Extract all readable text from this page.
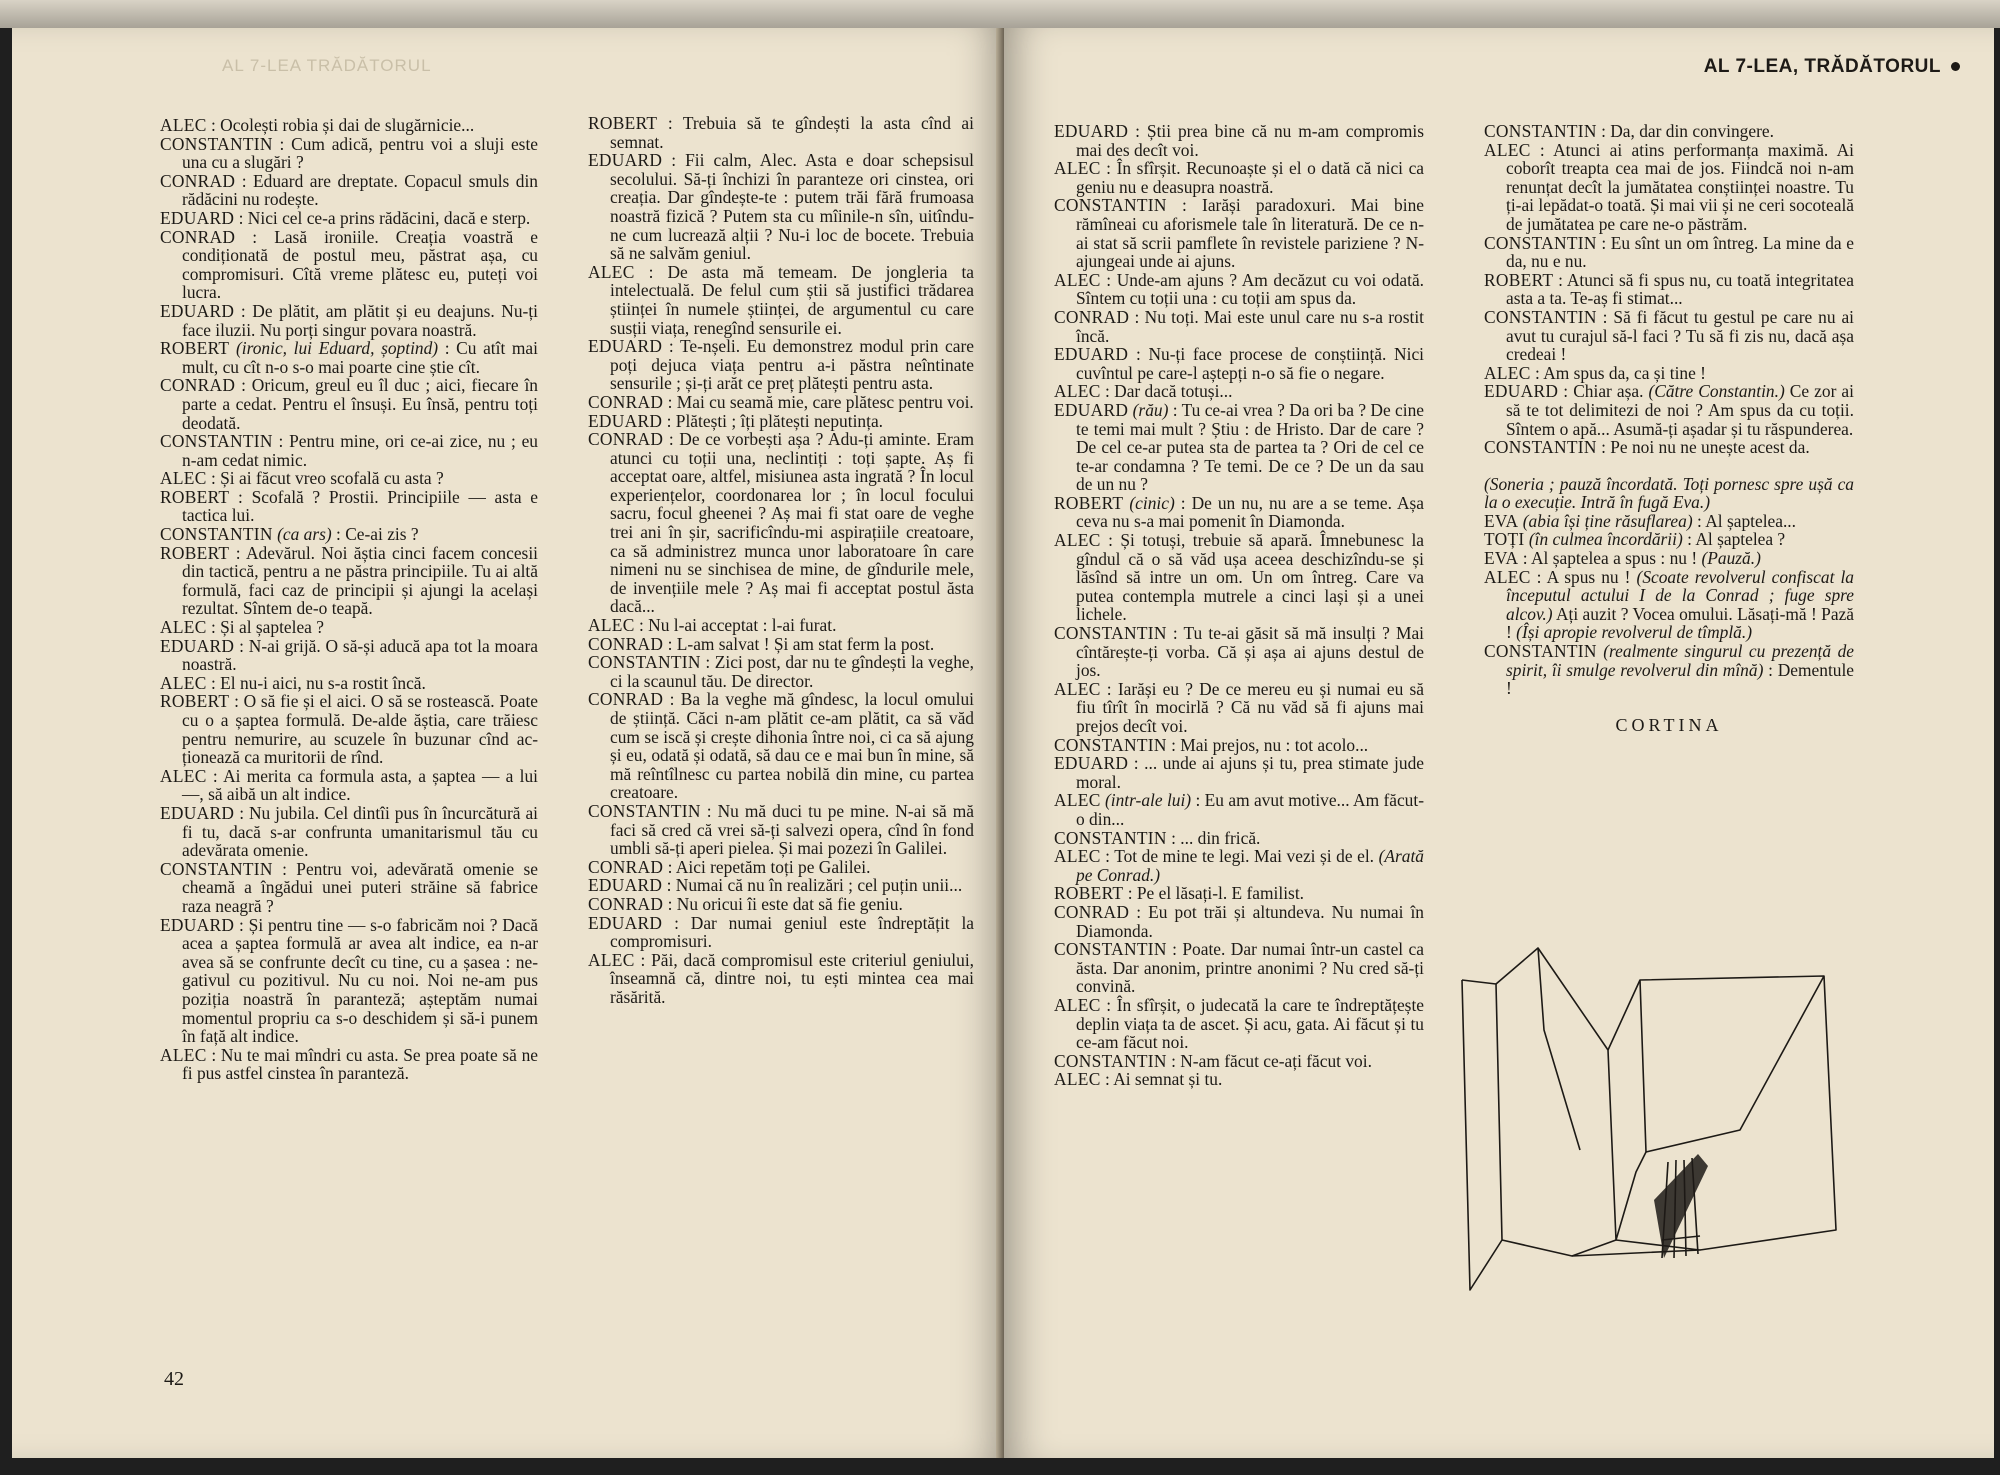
AL 7-LEA TRĂDĂTORUL

ALEC : Ocolești robia și dai de slugărnicie...

CONSTANTIN : Cum adică, pentru voi a sluji este una cu a slugări ?

CONRAD : Eduard are dreptate. Copacul smuls din rădăcini nu rodește.

EDUARD : Nici cel ce-a prins rădăcini, dacă e sterp.

CONRAD : Lasă ironiile. Creația voastră e condiționată de postul meu, păstrat așa, cu compromisuri. Cîtă vreme plătesc eu, puteți voi lucra.

EDUARD : De plătit, am plătit și eu deajuns. Nu-ți face iluzii. Nu porți singur povara noastră.

ROBERT (ironic, lui Eduard, șoptind) : Cu atît mai mult, cu cît n-o s-o mai poarte cine știe cît.

CONRAD : Oricum, greul eu îl duc ; aici, fiecare în parte a cedat. Pentru el însuși. Eu însă, pentru toți deodată.

CONSTANTIN : Pentru mine, ori ce-ai zice, nu ; eu n-am cedat nimic.

ALEC : Și ai făcut vreo scofală cu asta ?

ROBERT : Scofală ? Prostii. Principiile — asta e tactica lui.

CONSTANTIN (ca ars) : Ce-ai zis ?

ROBERT : Adevărul. Noi ăștia cinci facem concesii din tactică, pentru a ne păstra principiile. Tu ai altă formulă, faci caz de principii și ajungi la același rezultat. Sîntem de-o teapă.

ALEC : Și al șaptelea ?

EDUARD : N-ai grijă. O să-și aducă apa tot la moara noastră.

ALEC : El nu-i aici, nu s-a rostit încă.

ROBERT : O să fie și el aici. O să se rostească. Poate cu o a șaptea formulă. De-alde ăștia, care trăiesc pentru nemurire, au scuzele în buzunar cînd acționează ca muritorii de rînd.

ALEC : Ai merita ca formula asta, a șaptea — a lui —, să aibă un alt indice.

EDUARD : Nu jubila. Cel dintîi pus în încurcătură ai fi tu, dacă s-ar confrunta umanitarismul tău cu adevărata omenie.

CONSTANTIN : Pentru voi, adevărată omenie se cheamă a îngădui unei puteri străine să fabrice raza neagră ?

EDUARD : Și pentru tine — s-o fabricăm noi ? Dacă acea a șaptea formulă ar avea alt indice, ea n-ar avea să se confrunte decît cu tine, cu a șasea : negativul cu pozitivul. Nu cu noi. Noi ne-am pus poziția noastră în paranteză; așteptăm numai momentul propriu ca s-o deschidem și să-i punem în față alt indice.

ALEC : Nu te mai mîndri cu asta. Se prea poate să ne fi pus astfel cinstea în paranteză.

ROBERT : Trebuia să te gîndești la asta cînd ai semnat.

EDUARD : Fii calm, Alec. Asta e doar schepsisul secolului. Să-ți închizi în paranteze ori cinstea, ori creația. Dar gîndește-te : putem trăi fără frumoasa noastră fizică ? Putem sta cu mîinile-n sîn, uitîndu-ne cum lucrează alții ? Nu-i loc de bocete. Trebuia să ne salvăm geniul.

ALEC : De asta mă temeam. De jongleria ta intelectuală. De felul cum știi să justifici trădarea științei în numele științei, de argumentul cu care susții viața, renegînd sensurile ei.

EDUARD : Te-nșeli. Eu demonstrez modul prin care poți dejuca viața pentru a-i păstra neîntinate sensurile ; și-ți arăt ce preț plătești pentru asta.

CONRAD : Mai cu seamă mie, care plătesc pentru voi.

EDUARD : Plătești ; îți plătești neputința.

CONRAD : De ce vorbești așa ? Adu-ți aminte. Eram atunci cu toții una, neclintiți : toți șapte. Aș fi acceptat oare, altfel, misiunea asta ingrată ? În locul experiențelor, coordonarea lor ; în locul focului sacru, focul gheenei ? Aș mai fi stat oare de veghe trei ani în șir, sacrificîndu-mi aspirațiile creatoare, ca să administrez munca unor laboratoare în care nimeni nu se sinchisea de mine, de gîndurile mele, de invențiile mele ? Aș mai fi acceptat postul ăsta dacă...

ALEC : Nu l-ai acceptat : l-ai furat.

CONRAD : L-am salvat ! Și am stat ferm la post.

CONSTANTIN : Zici post, dar nu te gîndești la veghe, ci la scaunul tău. De director.

CONRAD : Ba la veghe mă gîndesc, la locul omului de știință. Căci n-am plătit ce-am plătit, ca să văd cum se iscă și crește dihonia între noi, ci ca să ajung și eu, odată și odată, să dau ce e mai bun în mine, să mă reîntîlnesc cu partea nobilă din mine, cu partea creatoare.

CONSTANTIN : Nu mă duci tu pe mine. N-ai să mă faci să cred că vrei să-ți salvezi opera, cînd în fond umbli să-ți aperi pielea. Și mai pozezi în Galilei.

CONRAD : Aici repetăm toți pe Galilei.

EDUARD : Numai că nu în realizări ; cel puțin unii...

CONRAD : Nu oricui îi este dat să fie geniu.

EDUARD : Dar numai geniul este îndreptățit la compromisuri.

ALEC : Păi, dacă compromisul este criteriul geniului, înseamnă că, dintre noi, tu ești mintea cea mai răsărită.

42
AL 7-LEA, TRĂDĂTORUL

EDUARD : Știi prea bine că nu m-am compromis mai des decît voi.

ALEC : În sfîrșit. Recunoaște și el o dată că nici ca geniu nu e deasupra noastră.

CONSTANTIN : Iarăși paradoxuri. Mai bine rămîneai cu aforismele tale în literatură. De ce n-ai stat să scrii pamflete în revistele pariziene ? N-ajungeai unde ai ajuns.

ALEC : Unde-am ajuns ? Am decăzut cu voi odată. Sîntem cu toții una : cu toții am spus da.

CONRAD : Nu toți. Mai este unul care nu s-a rostit încă.

EDUARD : Nu-ți face procese de conștiință. Nici cuvîntul pe care-l aștepți n-o să fie o negare.

ALEC : Dar dacă totuși...

EDUARD (rău) : Tu ce-ai vrea ? Da ori ba ? De cine te temi mai mult ? Știu : de Hristo. Dar de care ? De cel ce-ar putea sta de partea ta ? Ori de cel ce te-ar condamna ? Te temi. De ce ? De un da sau de un nu ?

ROBERT (cinic) : De un nu, nu are a se teme. Așa ceva nu s-a mai pomenit în Diamonda.

ALEC : Și totuși, trebuie să apară. Îmnebunesc la gîndul că o să văd ușa aceea deschizîndu-se și lăsînd să intre un om. Un om întreg. Care va putea contempla mutrele a cinci lași și a unei lichele.

CONSTANTIN : Tu te-ai găsit să mă insulți ? Mai cîntărește-ți vorba. Că și așa ai ajuns destul de jos.

ALEC : Iarăși eu ? De ce mereu eu și numai eu să fiu tîrît în mocirlă ? Că nu văd să fi ajuns mai prejos decît voi.

CONSTANTIN : Mai prejos, nu : tot acolo...

EDUARD : ... unde ai ajuns și tu, prea stimate jude moral.

ALEC (intr-ale lui) : Eu am avut motive... Am făcut-o din...

CONSTANTIN : ... din frică.

ALEC : Tot de mine te legi. Mai vezi și de el. (Arată pe Conrad.)

ROBERT : Pe el lăsați-l. E familist.

CONRAD : Eu pot trăi și altundeva. Nu numai în Diamonda.

CONSTANTIN : Poate. Dar numai într-un castel ca ăsta. Dar anonim, printre anonimi ? Nu cred să-ți convină.

ALEC : În sfîrșit, o judecată la care te îndreptățește deplin viața ta de ascet. Și acu, gata. Ai făcut și tu ce-am făcut noi.

CONSTANTIN : N-am făcut ce-ați făcut voi.

ALEC : Ai semnat și tu.

CONSTANTIN : Da, dar din convingere.

ALEC : Atunci ai atins performanța maximă. Ai coborît treapta cea mai de jos. Fiindcă noi n-am renunțat decît la jumătatea conștiinței noastre. Tu ți-ai lepădat-o toată. Și mai vii și ne ceri socoteală de jumătatea pe care ne-o păstrăm.

CONSTANTIN : Eu sînt un om întreg. La mine da e da, nu e nu.

ROBERT : Atunci să fi spus nu, cu toată integritatea asta a ta. Te-aș fi stimat...

CONSTANTIN : Să fi făcut tu gestul pe care nu ai avut tu curajul să-l faci ? Tu să fi zis nu, dacă așa credeai !

ALEC : Am spus da, ca și tine !

EDUARD : Chiar așa. (Către Constantin.) Ce zor ai să te tot delimitezi de noi ? Am spus da cu toții. Sîntem o apă... Asumă-ți așadar și tu răspunderea.

CONSTANTIN : Pe noi nu ne unește acest da.

(Soneria ; pauză încordată. Toți pornesc spre ușă ca la o execuție. Intră în fugă Eva.)

EVA (abia își ține răsuflarea) : Al șaptelea...

TOȚI (în culmea încordării) : Al șaptelea ?

EVA : Al șaptelea a spus : nu ! (Pauză.)

ALEC : A spus nu ! (Scoate revolverul confiscat la începutul actului I de la Conrad ; fuge spre alcov.) Ați auzit ? Vocea omului. Lăsați-mă ! Pază ! (Își apropie revolverul de tîmplă.)

CONSTANTIN (realmente singurul cu prezență de spirit, îi smulge revolverul din mînă) : Dementule !

CORTINA
